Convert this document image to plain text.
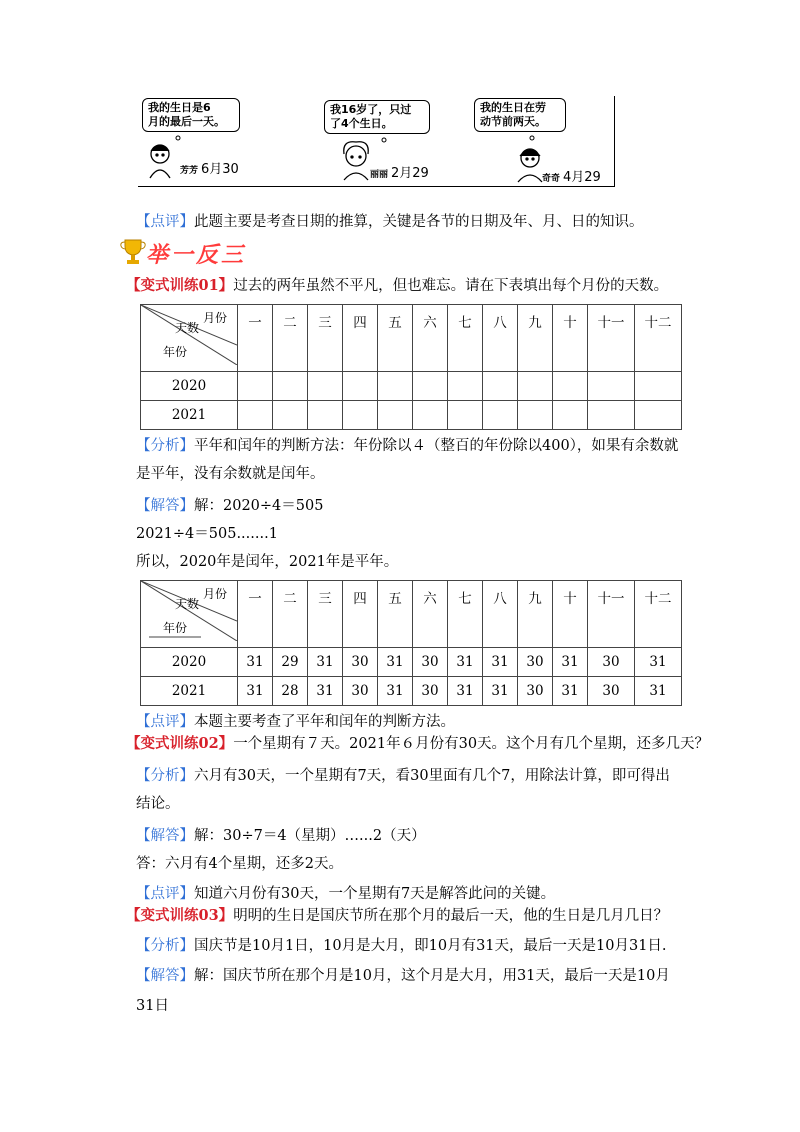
我的生日是6
月的最后一天。
我16岁了，只过
了4个生日。
我的生日在劳
动节前两天。
芳芳 6月30	丽丽 2月29	奇奇 4月29
【点评】此题主要是考查日期的推算，关键是各节的日期及年、月、日的知识。
举一反三
【变式训练01】过去的两年虽然不平凡，但也难忘。请在下表填出每个月份的天数。
月份
天数
年份	一	二	三	四	五	六	七	八	九	十	十一	十二
2020												
2021												
【分析】平年和闰年的判断方法：年份除以４（整百的年份除以400），如果有余数就
是平年，没有余数就是闰年。
【解答】解：2020÷4＝505
2021÷4＝505.......1
所以，2020年是闰年，2021年是平年。
月份
天数
年份	一	二	三	四	五	六	七	八	九	十	十一	十二
2020	31	29	31	30	31	30	31	31	30	31	30	31
2021	31	28	31	30	31	30	31	31	30	31	30	31
【点评】本题主要考查了平年和闰年的判断方法。
【变式训练02】一个星期有７天。2021年６月份有30天。这个月有几个星期，还多几天？
【分析】六月有30天，一个星期有7天，看30里面有几个7，用除法计算，即可得出
结论。
【解答】解：30÷7＝4（星期）…...2（天）
答：六月有4个星期，还多2天。
【点评】知道六月份有30天，一个星期有7天是解答此问的关键。
【变式训练03】明明的生日是国庆节所在那个月的最后一天，他的生日是几月几日？
【分析】国庆节是10月1日，10月是大月，即10月有31天，最后一天是10月31日.
【解答】解：国庆节所在那个月是10月，这个月是大月，用31天，最后一天是10月
31日
